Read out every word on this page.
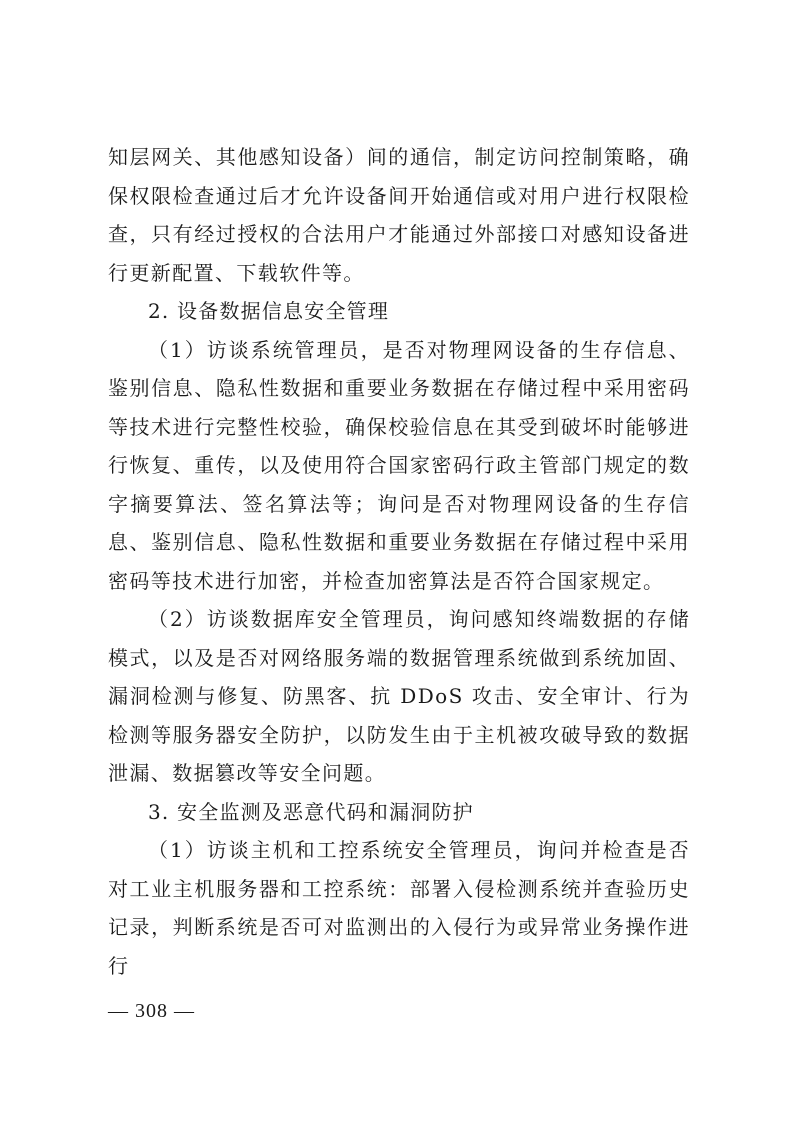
知层网关、其他感知设备）间的通信，制定访问控制策略，确保权限检查通过后才允许设备间开始通信或对用户进行权限检查，只有经过授权的合法用户才能通过外部接口对感知设备进行更新配置、下载软件等。

2. 设备数据信息安全管理

（1）访谈系统管理员，是否对物理网设备的生存信息、鉴别信息、隐私性数据和重要业务数据在存储过程中采用密码等技术进行完整性校验，确保校验信息在其受到破坏时能够进行恢复、重传，以及使用符合国家密码行政主管部门规定的数字摘要算法、签名算法等；询问是否对物理网设备的生存信息、鉴别信息、隐私性数据和重要业务数据在存储过程中采用密码等技术进行加密，并检查加密算法是否符合国家规定。

（2）访谈数据库安全管理员，询问感知终端数据的存储模式，以及是否对网络服务端的数据管理系统做到系统加固、漏洞检测与修复、防黑客、抗 DDoS 攻击、安全审计、行为检测等服务器安全防护，以防发生由于主机被攻破导致的数据泄漏、数据篡改等安全问题。

3. 安全监测及恶意代码和漏洞防护

（1）访谈主机和工控系统安全管理员，询问并检查是否对工业主机服务器和工控系统：部署入侵检测系统并查验历史记录，判断系统是否可对监测出的入侵行为或异常业务操作进行

— 308 —
